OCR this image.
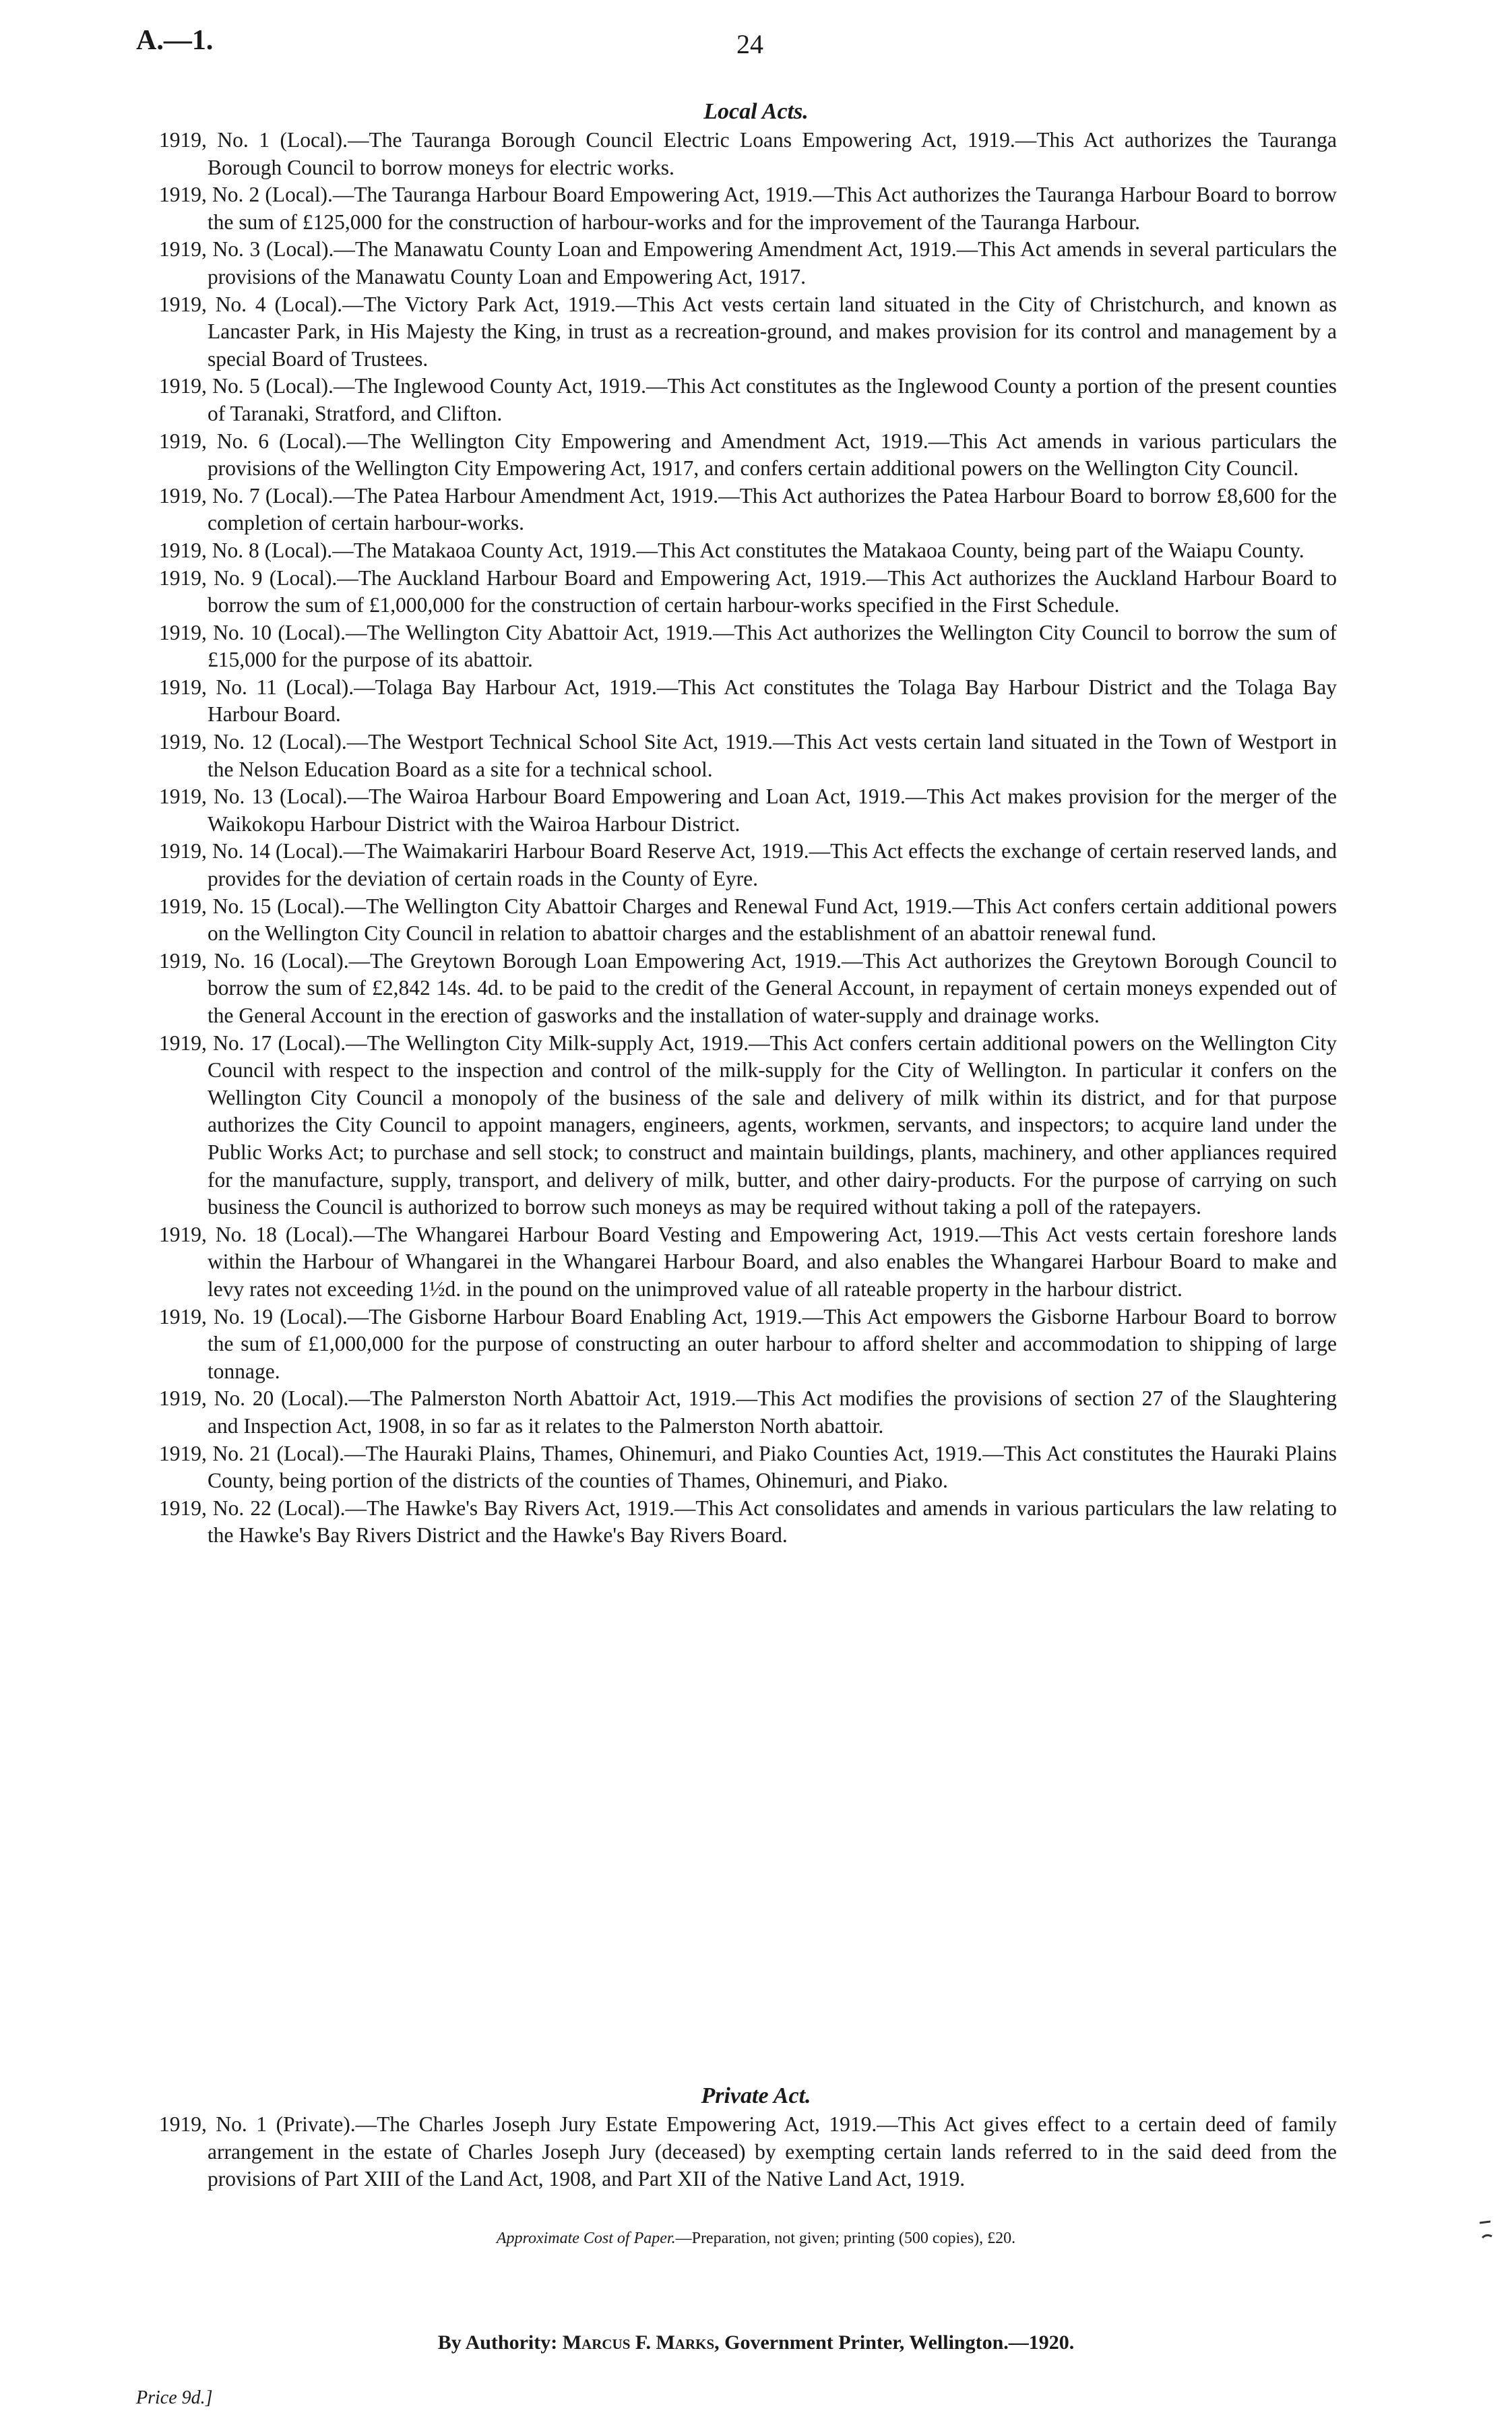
A.—1.	24
Local Acts.

1919, No. 1 (Local).—The Tauranga Borough Council Electric Loans Empowering Act, 1919.—This Act authorizes the Tauranga Borough Council to borrow moneys for electric works.

1919, No. 2 (Local).—The Tauranga Harbour Board Empowering Act, 1919.—This Act authorizes the Tauranga Harbour Board to borrow the sum of £125,000 for the construction of harbour-works and for the improvement of the Tauranga Harbour.

1919, No. 3 (Local).—The Manawatu County Loan and Empowering Amendment Act, 1919.—This Act amends in several particulars the provisions of the Manawatu County Loan and Empowering Act, 1917.

1919, No. 4 (Local).—The Victory Park Act, 1919.—This Act vests certain land situated in the City of Christchurch, and known as Lancaster Park, in His Majesty the King, in trust as a recreation-ground, and makes provision for its control and management by a special Board of Trustees.

1919, No. 5 (Local).—The Inglewood County Act, 1919.—This Act constitutes as the Inglewood County a portion of the present counties of Taranaki, Stratford, and Clifton.

1919, No. 6 (Local).—The Wellington City Empowering and Amendment Act, 1919.—This Act amends in various particulars the provisions of the Wellington City Empowering Act, 1917, and confers certain additional powers on the Wellington City Council.

1919, No. 7 (Local).—The Patea Harbour Amendment Act, 1919.—This Act authorizes the Patea Harbour Board to borrow £8,600 for the completion of certain harbour-works.

1919, No. 8 (Local).—The Matakaoa County Act, 1919.—This Act constitutes the Matakaoa County, being part of the Waiapu County.

1919, No. 9 (Local).—The Auckland Harbour Board and Empowering Act, 1919.—This Act authorizes the Auckland Harbour Board to borrow the sum of £1,000,000 for the construction of certain harbour-works specified in the First Schedule.

1919, No. 10 (Local).—The Wellington City Abattoir Act, 1919.—This Act authorizes the Wellington City Council to borrow the sum of £15,000 for the purpose of its abattoir.

1919, No. 11 (Local).—Tolaga Bay Harbour Act, 1919.—This Act constitutes the Tolaga Bay Harbour District and the Tolaga Bay Harbour Board.

1919, No. 12 (Local).—The Westport Technical School Site Act, 1919.—This Act vests certain land situated in the Town of Westport in the Nelson Education Board as a site for a technical school.

1919, No. 13 (Local).—The Wairoa Harbour Board Empowering and Loan Act, 1919.—This Act makes provision for the merger of the Waikokopu Harbour District with the Wairoa Harbour District.

1919, No. 14 (Local).—The Waimakariri Harbour Board Reserve Act, 1919.—This Act effects the exchange of certain reserved lands, and provides for the deviation of certain roads in the County of Eyre.

1919, No. 15 (Local).—The Wellington City Abattoir Charges and Renewal Fund Act, 1919.—This Act confers certain additional powers on the Wellington City Council in relation to abattoir charges and the establishment of an abattoir renewal fund.

1919, No. 16 (Local).—The Greytown Borough Loan Empowering Act, 1919.—This Act authorizes the Greytown Borough Council to borrow the sum of £2,842 14s. 4d. to be paid to the credit of the General Account, in repayment of certain moneys expended out of the General Account in the erection of gasworks and the installation of water-supply and drainage works.

1919, No. 17 (Local).—The Wellington City Milk-supply Act, 1919.—This Act confers certain additional powers on the Wellington City Council with respect to the inspection and control of the milk-supply for the City of Wellington. In particular it confers on the Wellington City Council a monopoly of the business of the sale and delivery of milk within its district, and for that purpose authorizes the City Council to appoint managers, engineers, agents, workmen, servants, and inspectors; to acquire land under the Public Works Act; to purchase and sell stock; to construct and maintain buildings, plants, machinery, and other appliances required for the manufacture, supply, transport, and delivery of milk, butter, and other dairy-products. For the purpose of carrying on such business the Council is authorized to borrow such moneys as may be required without taking a poll of the ratepayers.

1919, No. 18 (Local).—The Whangarei Harbour Board Vesting and Empowering Act, 1919.—This Act vests certain foreshore lands within the Harbour of Whangarei in the Whangarei Harbour Board, and also enables the Whangarei Harbour Board to make and levy rates not exceeding 1½d. in the pound on the unimproved value of all rateable property in the harbour district.

1919, No. 19 (Local).—The Gisborne Harbour Board Enabling Act, 1919.—This Act empowers the Gisborne Harbour Board to borrow the sum of £1,000,000 for the purpose of constructing an outer harbour to afford shelter and accommodation to shipping of large tonnage.

1919, No. 20 (Local).—The Palmerston North Abattoir Act, 1919.—This Act modifies the provisions of section 27 of the Slaughtering and Inspection Act, 1908, in so far as it relates to the Palmerston North abattoir.

1919, No. 21 (Local).—The Hauraki Plains, Thames, Ohinemuri, and Piako Counties Act, 1919.—This Act constitutes the Hauraki Plains County, being portion of the districts of the counties of Thames, Ohinemuri, and Piako.

1919, No. 22 (Local).—The Hawke's Bay Rivers Act, 1919.—This Act consolidates and amends in various particulars the law relating to the Hawke's Bay Rivers District and the Hawke's Bay Rivers Board.

Private Act.

1919, No. 1 (Private).—The Charles Joseph Jury Estate Empowering Act, 1919.—This Act gives effect to a certain deed of family arrangement in the estate of Charles Joseph Jury (deceased) by exempting certain lands referred to in the said deed from the provisions of Part XIII of the Land Act, 1908, and Part XII of the Native Land Act, 1919.

Approximate Cost of Paper.—Preparation, not given; printing (500 copies), £20.
By Authority: Marcus F. Marks, Government Printer, Wellington.—1920.
Price 9d.]
